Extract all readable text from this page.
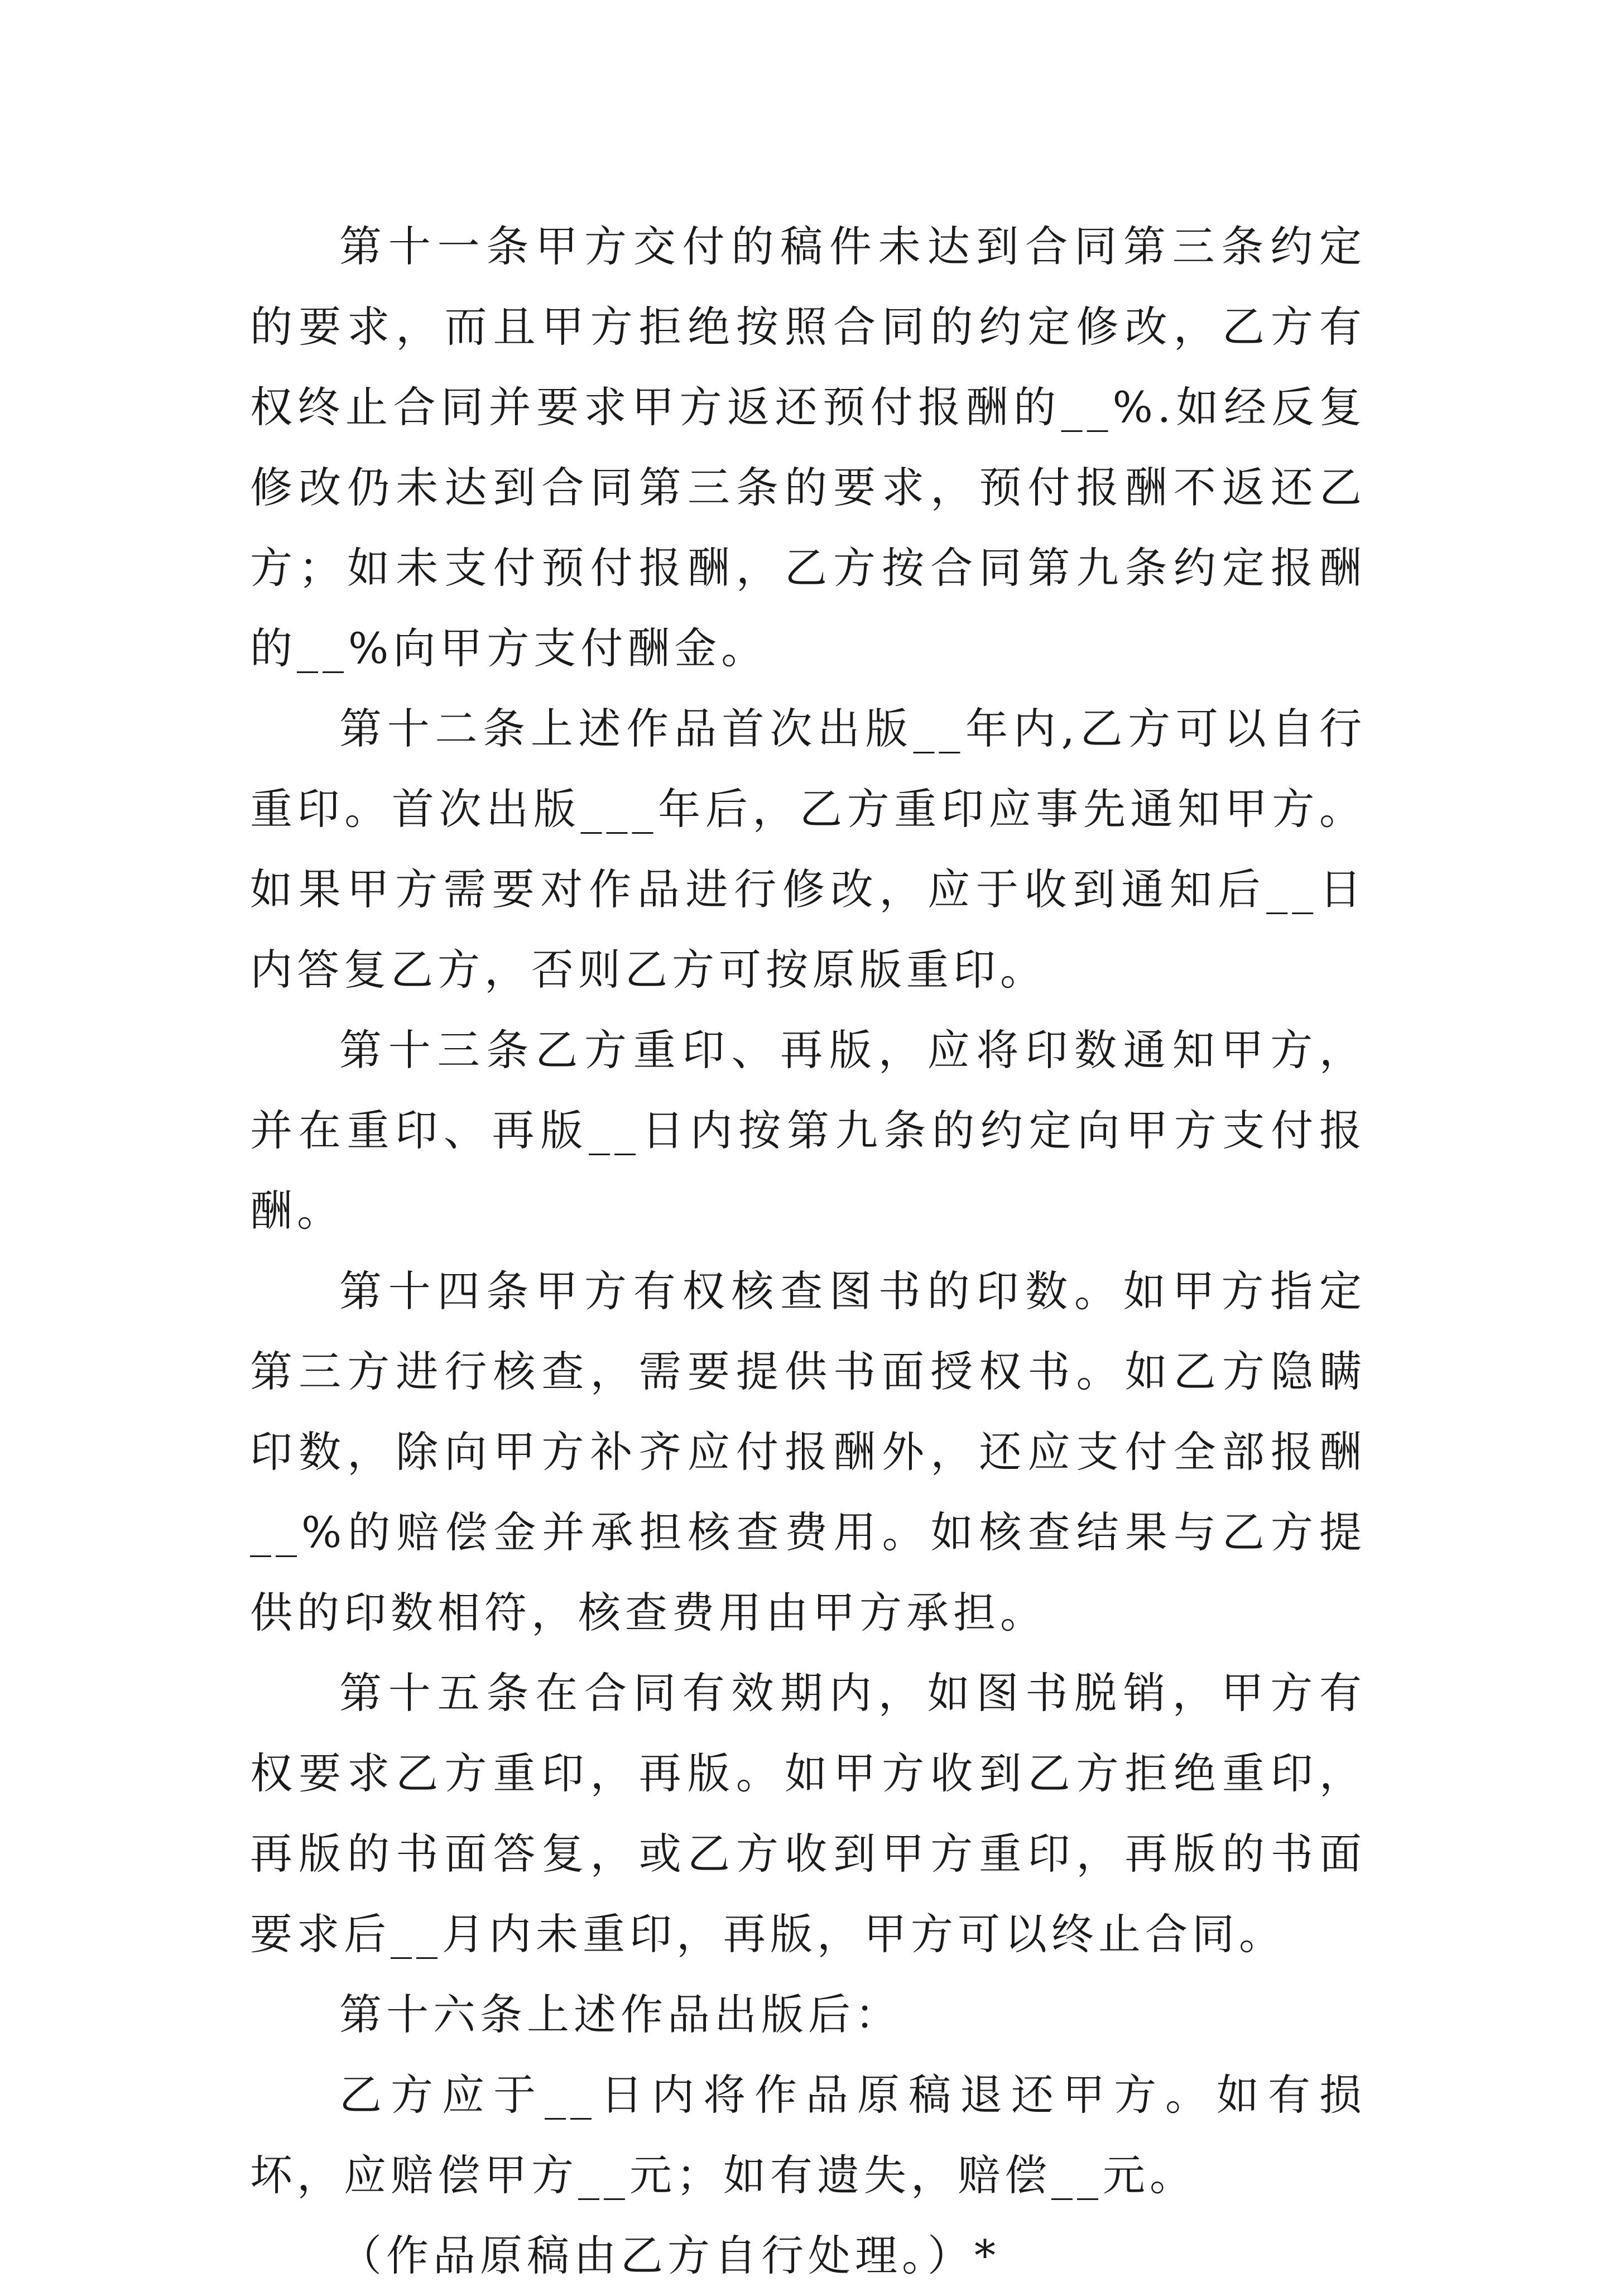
第十一条甲方交付的稿件未达到合同第三条约定的要求，而且甲方拒绝按照合同的约定修改，乙方有权终止合同并要求甲方返还预付报酬的__%.如经反复修改仍未达到合同第三条的要求，预付报酬不返还乙方；如未支付预付报酬，乙方按合同第九条约定报酬的__%向甲方支付酬金。

第十二条上述作品首次出版__年内,乙方可以自行重印。首次出版___年后，乙方重印应事先通知甲方。如果甲方需要对作品进行修改，应于收到通知后__日内答复乙方，否则乙方可按原版重印。

第十三条乙方重印、再版，应将印数通知甲方，并在重印、再版__日内按第九条的约定向甲方支付报酬。

第十四条甲方有权核查图书的印数。如甲方指定第三方进行核查，需要提供书面授权书。如乙方隐瞒印数，除向甲方补齐应付报酬外，还应支付全部报酬__%的赔偿金并承担核查费用。如核查结果与乙方提供的印数相符，核查费用由甲方承担。

第十五条在合同有效期内，如图书脱销，甲方有权要求乙方重印，再版。如甲方收到乙方拒绝重印，再版的书面答复，或乙方收到甲方重印，再版的书面要求后__月内未重印，再版，甲方可以终止合同。

第十六条上述作品出版后：

乙方应于__日内将作品原稿退还甲方。如有损坏，应赔偿甲方__元；如有遗失，赔偿__元。

（作品原稿由乙方自行处理。）*
